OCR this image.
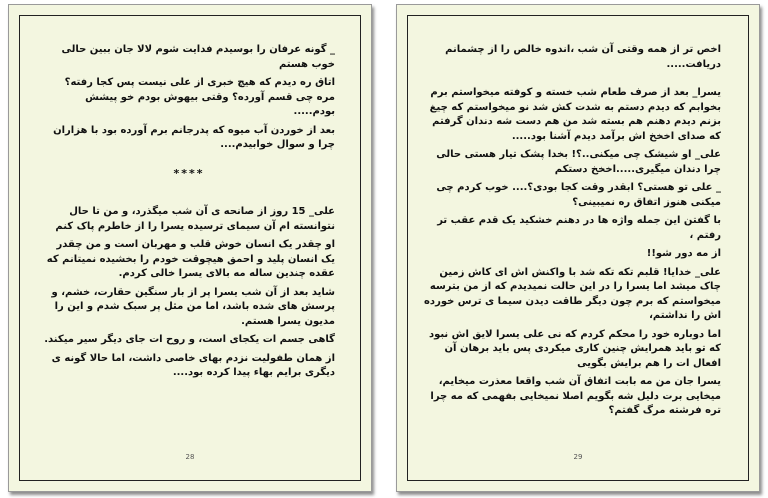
_ گونه عرفان را بوسیدم فدایت شوم لالا جان ببین حالی خوب هستم

اتاق ره دیدم که هیچ خبری از علی نیست پس کجا رفته؟ مره چی قسم آورده؟ وقتی بیهوش بودم خو پیشش بودم.....

بعد از خوردن آب میوه که پدرجانم برم آورده بود با هزاران چرا و سوال خوابیدم....

****

علی_ 15 روز از صانحه ی آن شب میگذرد، و من تا حال نتوانسته ام آن سیمای ترسیده یسرا را از خاطرم پاک کنم

او چقدر یک انسان خوش قلب و مهربان است و من چقدر یک انسان پلید و احمق هیچوقت خودم را بخشیده نمیتانم که عقده چندین ساله مه بالای یسرا خالی کردم.

شاید بعد از آن شب یسرا پر از بار سنگین حقارت، خشم، و پرسش های شده باشد، اما من مثل پر سبک شدم و این را مدیون یسرا هستم.

گاهی جسم ات یکجای است، و روح ات جای دیگر سیر میکند.

از همان طفولیت نزدم بهای خاصی داشت، اما حالا گونه ی دیگری برایم بهاء پیدا کرده بود....

28

اخص تر از همه وقتی آن شب ،اندوه خالص را از چشمانم دریافت.....

یسرا_ بعد از صرف طعام شب خسته و کوفته میخواستم برم بخوابم که دیدم دستم به شدت کش شد نو میخواستم که چیغ بزنم دیدم دهنم هم بسته شد من هم دست شه دندان گرفتم که صدای اخخخ اش برآمد دیدم آشنا بود.....

علی_ او شیشک چی میکنی..؟! بخدا پشک تیار هستی حالی چرا دندان میگیری.....اخخخ دستکم

_ علی تو هستی؟ ابقدر وقت کجا بودی؟.... خوب کردم چی میکنی هنوز اتفاق ره نمیبینی؟

با گفتن این جمله واژه ها در دهنم خشکید یک قدم عقب تر رفتم ،

از مه دور شو!!

علی_ خدایا! قلبم تکه تکه شد با واکنش اش ای کاش زمین چاک میشد اما یسرا را در این حالت نمیدیدم که از من بترسه میخواستم که برم چون دیگر طاقت دیدن سیما ی ترس خورده اش را نداشتم،

اما دوباره خود را محکم کردم که نی علی یسرا لایق اش نبود که تو باید همرایش چنین کاری میکردی پس باید برهان آن افعال ات را هم برایش بگویی

یسرا جان من مه بابت اتفاق آن شب واقعا معذرت میخایم، میخایی برت دلیل شه بگویم اصلا نمیخایی بفهمی که مه چرا تره فرشته مرگ گفتم؟

29
